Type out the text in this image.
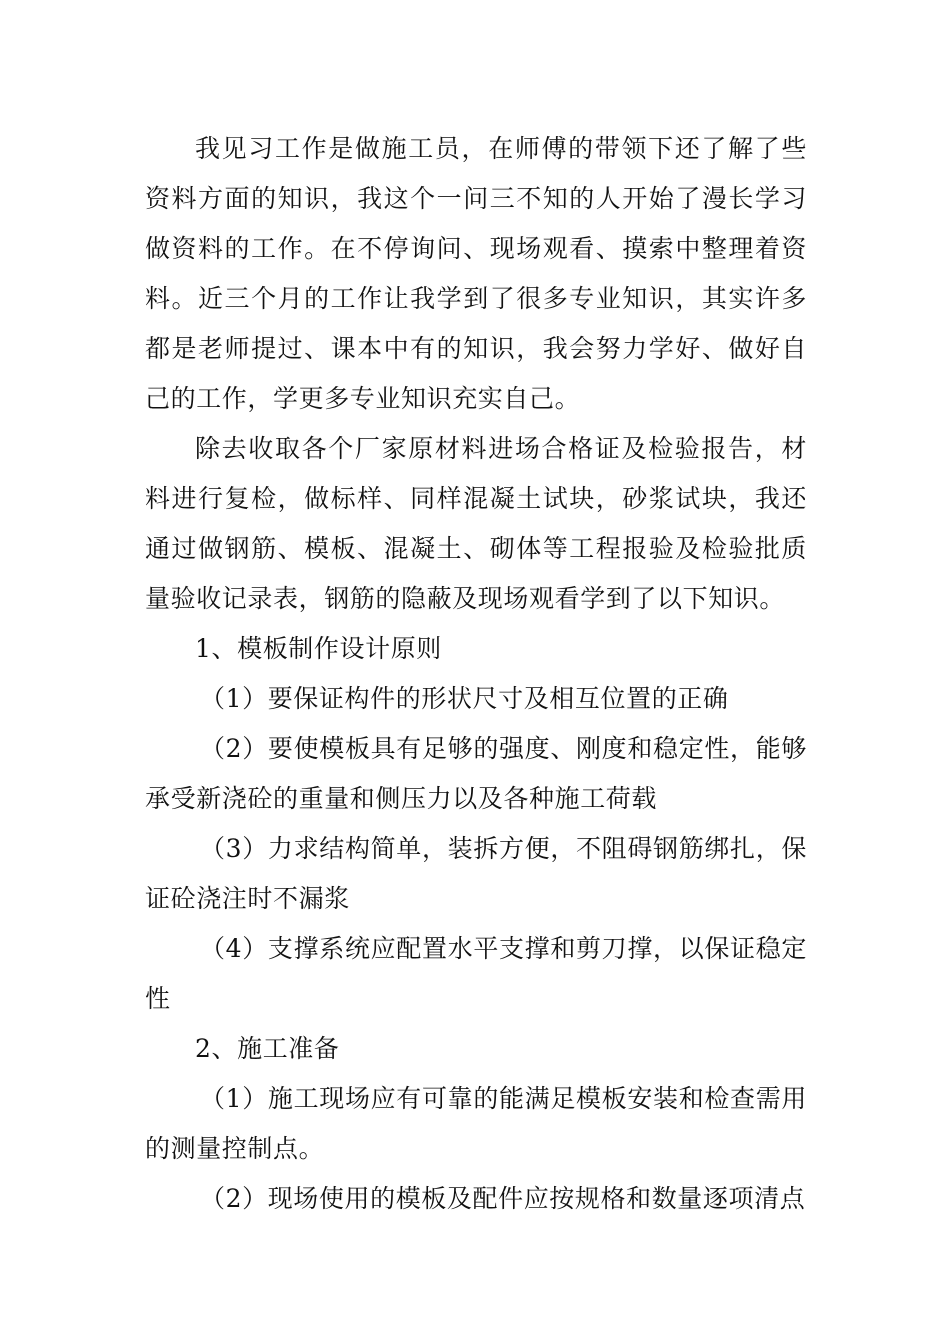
我见习工作是做施工员，在师傅的带领下还了解了些资料方面的知识，我这个一问三不知的人开始了漫长学习做资料的工作。在不停询问、现场观看、摸索中整理着资料。近三个月的工作让我学到了很多专业知识，其实许多都是老师提过、课本中有的知识，我会努力学好、做好自己的工作，学更多专业知识充实自己。

除去收取各个厂家原材料进场合格证及检验报告，材料进行复检，做标样、同样混凝土试块，砂浆试块，我还通过做钢筋、模板、混凝土、砌体等工程报验及检验批质量验收记录表，钢筋的隐蔽及现场观看学到了以下知识。

1、模板制作设计原则

（1）要保证构件的形状尺寸及相互位置的正确

（2）要使模板具有足够的强度、刚度和稳定性，能够承受新浇砼的重量和侧压力以及各种施工荷载

（3）力求结构简单，装拆方便，不阻碍钢筋绑扎，保证砼浇注时不漏浆

（4）支撑系统应配置水平支撑和剪刀撑，以保证稳定性

2、施工准备

（1）施工现场应有可靠的能满足模板安装和检查需用的测量控制点。

（2）现场使用的模板及配件应按规格和数量逐项清点
